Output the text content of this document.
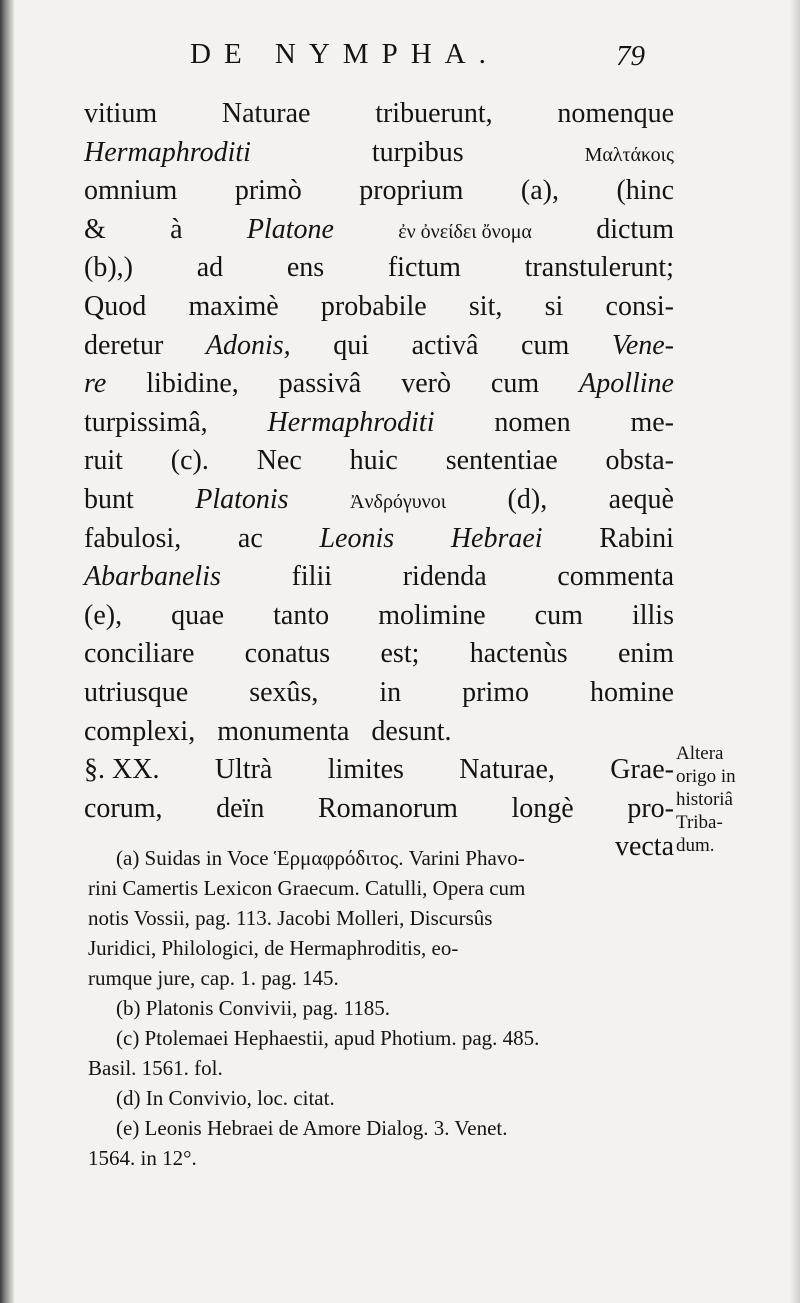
DE NYMPHA.	79
vitium Naturae tribuerunt, nomenque
Hermaphroditi	turpibus	Μαλτάκοις
omnium primò proprium (a), (hinc
& à Platone	ἐν ὀνείδει ὄνομα dictum
(b),) ad ens fictum transtulerunt;
Quod maximè probabile sit, si consi-
deretur Adonis, qui activâ cum Vene-
re libidine, passivâ verò cum Apolline
turpissimâ, Hermaphroditi nomen me-
ruit (c). Nec huic sententiae obsta-
bunt Platonis	Ἀνδρόγυνοι (d), aequè
fabulosi, ac Leonis Hebraei Rabini
Abarbanelis	filii	ridenda	commenta
(e), quae tanto molimine cum illis
conciliare conatus est; hactenùs enim
utriusque sexûs, in primo homine
complexi, monumenta desunt.
§. XX. Ultrà limites Naturae, Grae-
corum, deïn Romanorum longè pro-
vecta
Altera
origo in
historiâ
Triba-
dum.
(a) Suidas in Voce Ἑρμαφρόδιτος. Varini Phavo-
rini Camertis Lexicon Graecum. Catulli, Opera cum
notis Vossii, pag. 113. Jacobi Molleri, Discursûs
Juridici, Philologici, de Hermaphroditis, eo-
rumque jure, cap. 1. pag. 145.
(b) Platonis Convivii, pag. 1185.
(c) Ptolemaei Hephaestii, apud Photium. pag. 485.
Basil. 1561. fol.
(d) In Convivio, loc. citat.
(e) Leonis Hebraei de Amore Dialog. 3. Venet.
1564. in 12°.
